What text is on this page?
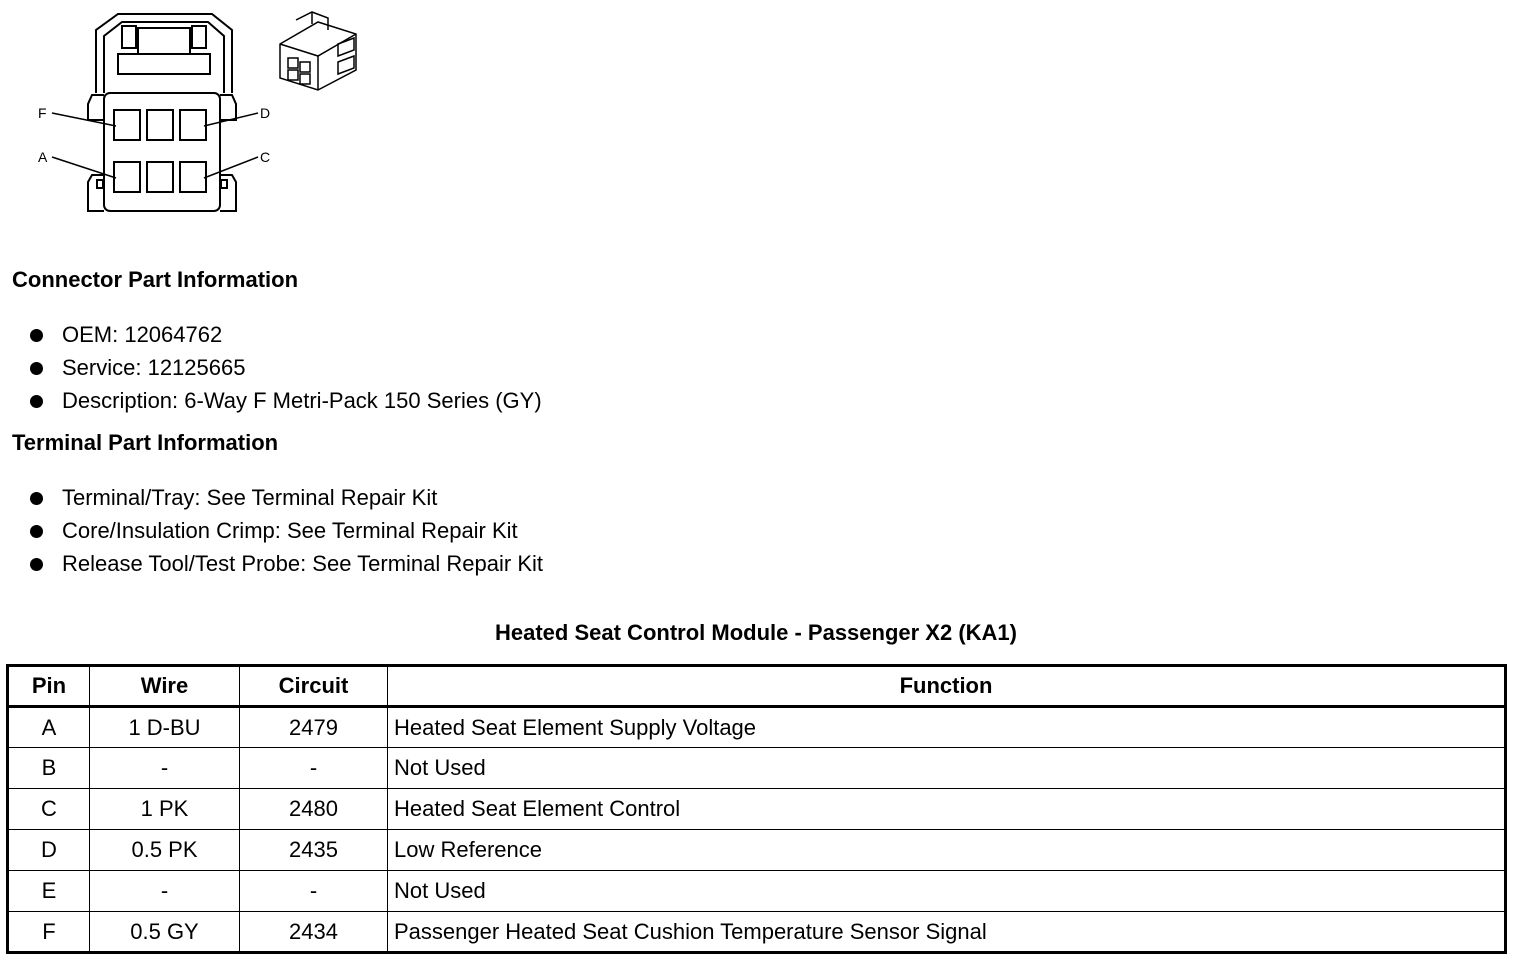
F	D
A	C
Connector Part Information
OEM: 12064762
Service: 12125665
Description: 6-Way F Metri-Pack 150 Series (GY)
Terminal Part Information
Terminal/Tray: See Terminal Repair Kit
Core/Insulation Crimp: See Terminal Repair Kit
Release Tool/Test Probe: See Terminal Repair Kit
Heated Seat Control Module - Passenger X2 (KA1)
Pin	Wire	Circuit	Function
A	1 D-BU	2479	Heated Seat Element Supply Voltage
B	-	-	Not Used
C	1 PK	2480	Heated Seat Element Control
D	0.5 PK	2435	Low Reference
E	-	-	Not Used
F	0.5 GY	2434	Passenger Heated Seat Cushion Temperature Sensor Signal
